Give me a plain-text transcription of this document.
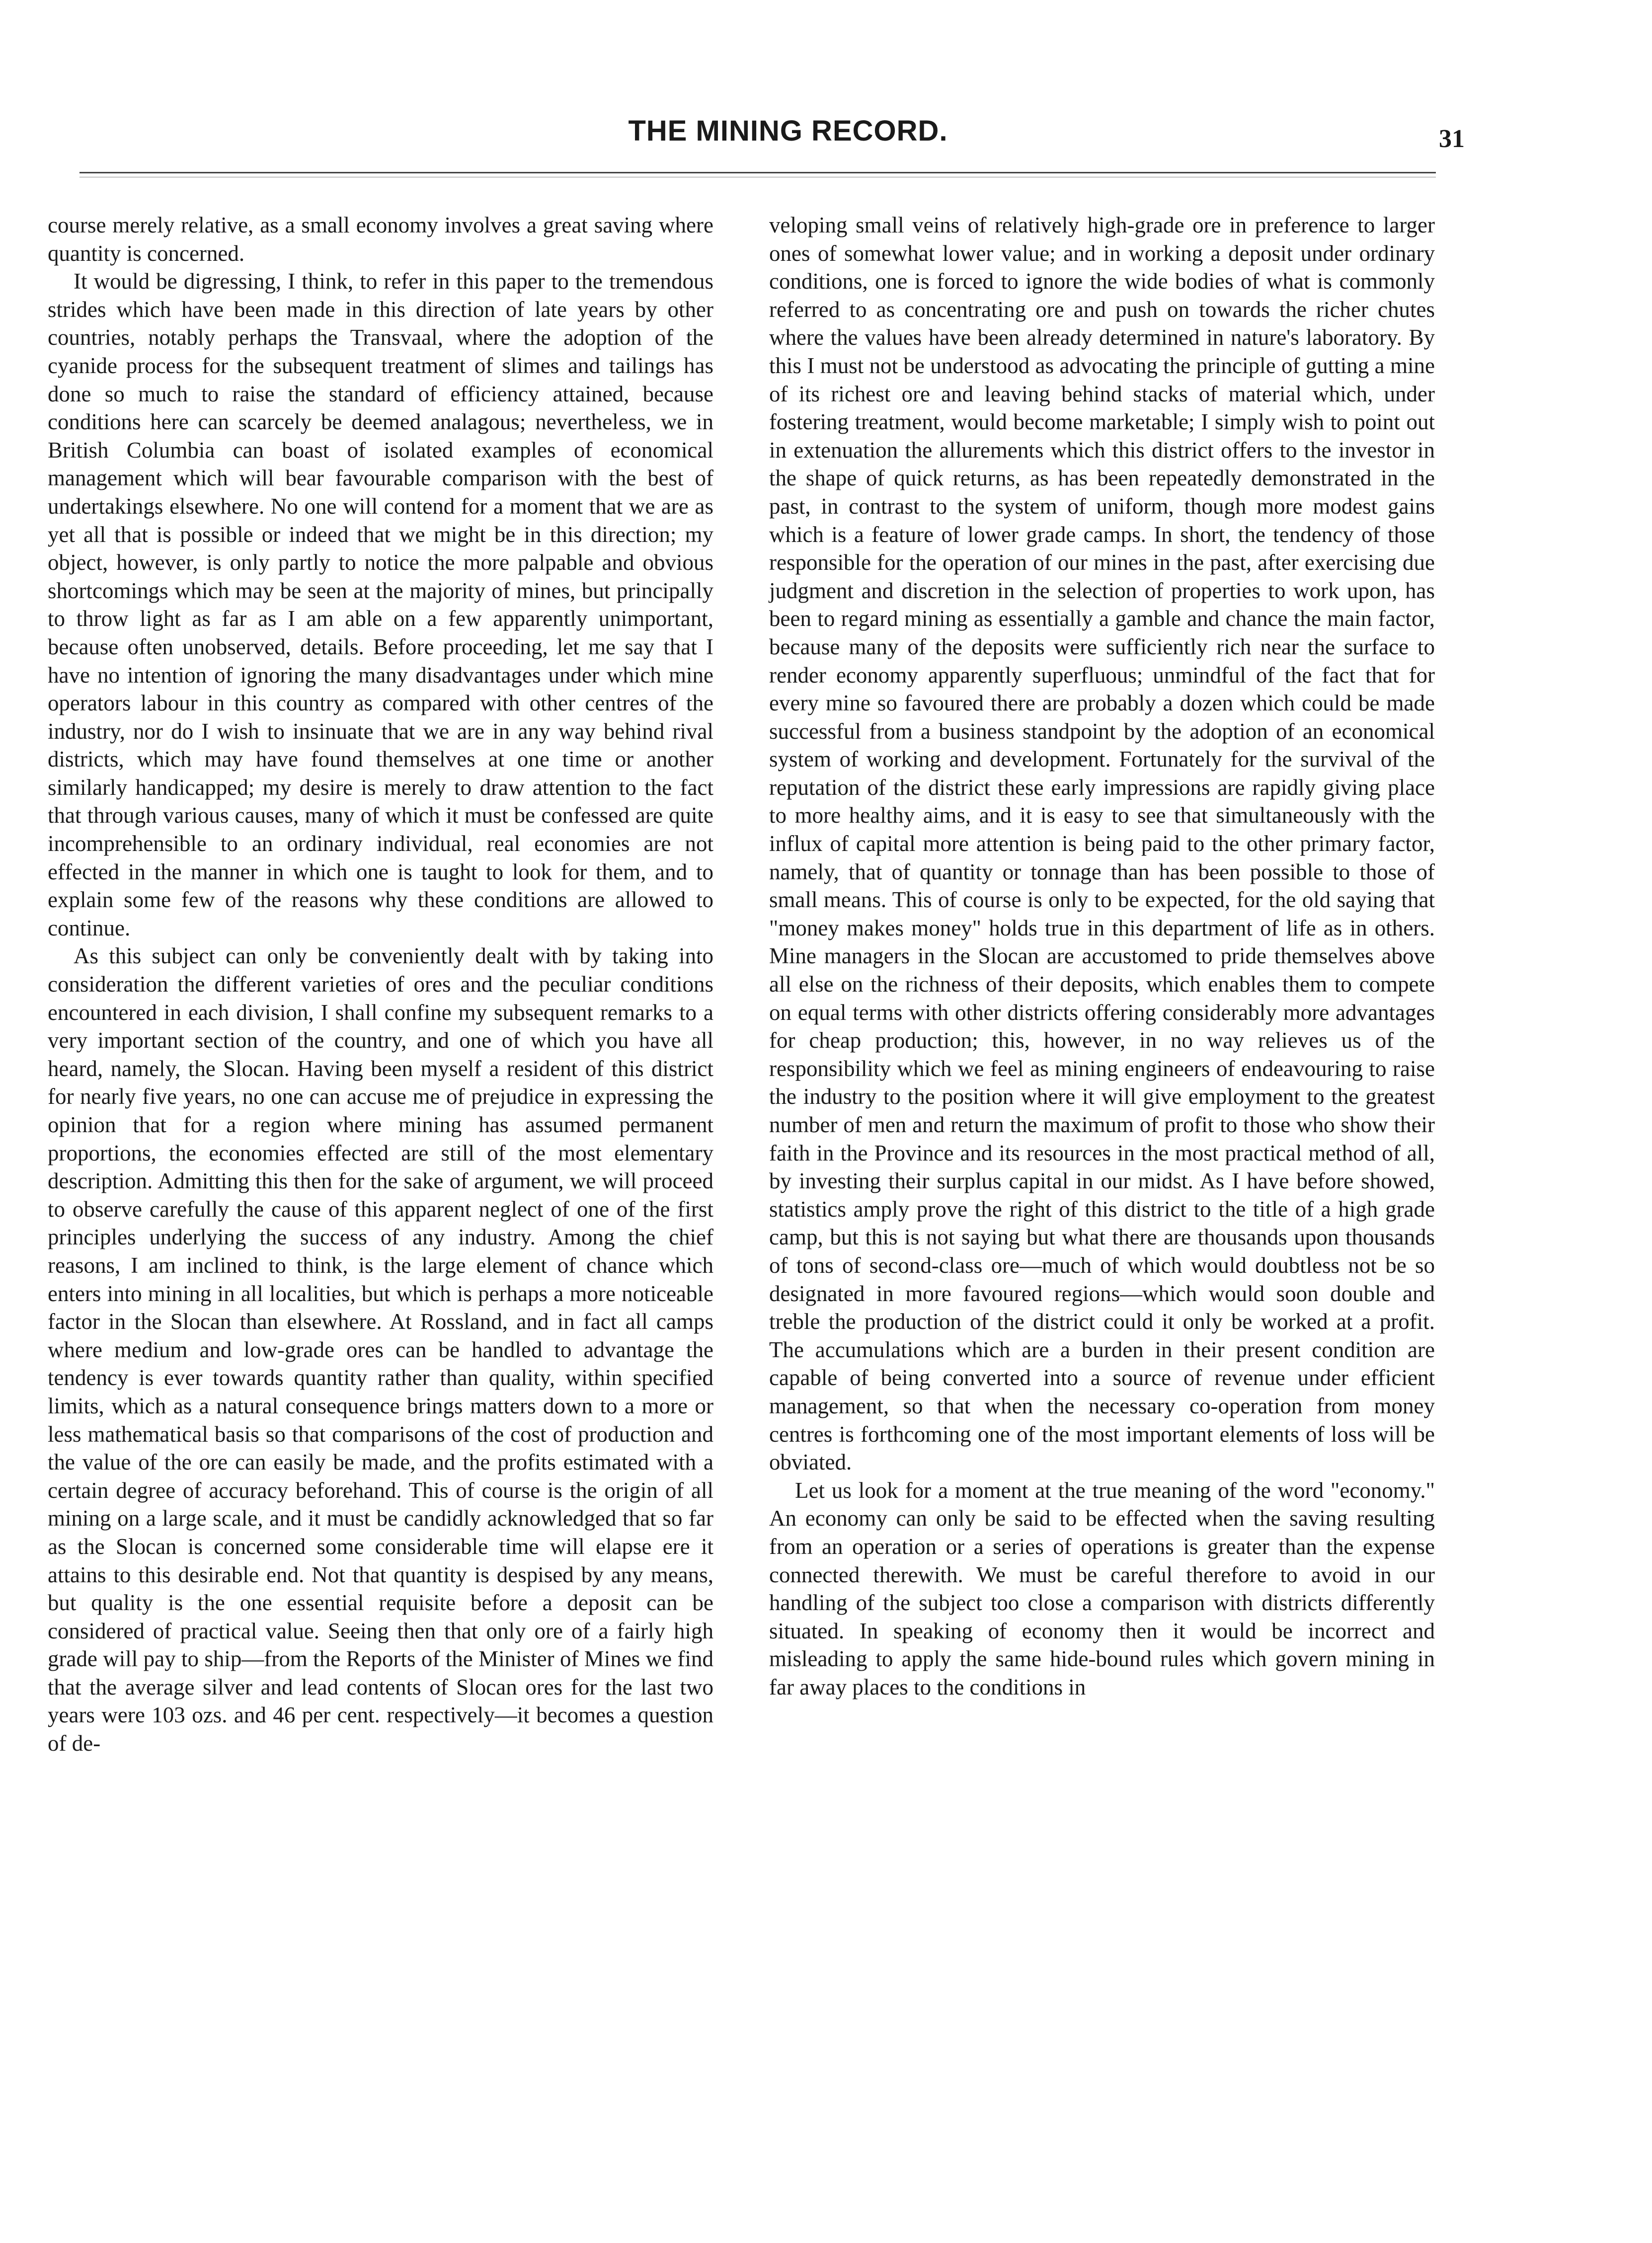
THE MINING RECORD.	31

course merely relative, as a small economy involves a great saving where quantity is concerned.

It would be digressing, I think, to refer in this paper to the tremendous strides which have been made in this direction of late years by other countries, notably perhaps the Transvaal, where the adoption of the cyanide process for the subsequent treatment of slimes and tailings has done so much to raise the standard of efficiency attained, because conditions here can scarcely be deemed analagous; nevertheless, we in British Columbia can boast of isolated examples of economical management which will bear favourable comparison with the best of undertakings elsewhere. No one will contend for a moment that we are as yet all that is possible or indeed that we might be in this direction; my object, however, is only partly to notice the more palpable and obvious shortcomings which may be seen at the majority of mines, but principally to throw light as far as I am able on a few apparently unimportant, because often unobserved, details. Before proceeding, let me say that I have no intention of ignoring the many disadvantages under which mine operators labour in this country as compared with other centres of the industry, nor do I wish to insinuate that we are in any way behind rival districts, which may have found themselves at one time or another similarly handicapped; my desire is merely to draw attention to the fact that through various causes, many of which it must be confessed are quite incomprehensible to an ordinary individual, real economies are not effected in the manner in which one is taught to look for them, and to explain some few of the reasons why these conditions are allowed to continue.

As this subject can only be conveniently dealt with by taking into consideration the different varieties of ores and the peculiar conditions encountered in each division, I shall confine my subsequent remarks to a very important section of the country, and one of which you have all heard, namely, the Slocan. Having been myself a resident of this district for nearly five years, no one can accuse me of prejudice in expressing the opinion that for a region where mining has assumed permanent proportions, the economies effected are still of the most elementary description. Admitting this then for the sake of argument, we will proceed to observe carefully the cause of this apparent neglect of one of the first principles underlying the success of any industry. Among the chief reasons, I am inclined to think, is the large element of chance which enters into mining in all localities, but which is perhaps a more noticeable factor in the Slocan than elsewhere. At Rossland, and in fact all camps where medium and low-grade ores can be handled to advantage the tendency is ever towards quantity rather than quality, within specified limits, which as a natural consequence brings matters down to a more or less mathematical basis so that comparisons of the cost of production and the value of the ore can easily be made, and the profits estimated with a certain degree of accuracy beforehand. This of course is the origin of all mining on a large scale, and it must be candidly acknowledged that so far as the Slocan is concerned some considerable time will elapse ere it attains to this desirable end. Not that quantity is despised by any means, but quality is the one essential requisite before a deposit can be considered of practical value. Seeing then that only ore of a fairly high grade will pay to ship—from the Reports of the Minister of Mines we find that the average silver and lead contents of Slocan ores for the last two years were 103 ozs. and 46 per cent. respectively—it becomes a question of de-

veloping small veins of relatively high-grade ore in preference to larger ones of somewhat lower value; and in working a deposit under ordinary conditions, one is forced to ignore the wide bodies of what is commonly referred to as concentrating ore and push on towards the richer chutes where the values have been already determined in nature's laboratory. By this I must not be understood as advocating the principle of gutting a mine of its richest ore and leaving behind stacks of material which, under fostering treatment, would become marketable; I simply wish to point out in extenuation the allurements which this district offers to the investor in the shape of quick returns, as has been repeatedly demonstrated in the past, in contrast to the system of uniform, though more modest gains which is a feature of lower grade camps. In short, the tendency of those responsible for the operation of our mines in the past, after exercising due judgment and discretion in the selection of properties to work upon, has been to regard mining as essentially a gamble and chance the main factor, because many of the deposits were sufficiently rich near the surface to render economy apparently superfluous; unmindful of the fact that for every mine so favoured there are probably a dozen which could be made successful from a business standpoint by the adoption of an economical system of working and development. Fortunately for the survival of the reputation of the district these early impressions are rapidly giving place to more healthy aims, and it is easy to see that simultaneously with the influx of capital more attention is being paid to the other primary factor, namely, that of quantity or tonnage than has been possible to those of small means. This of course is only to be expected, for the old saying that "money makes money" holds true in this department of life as in others. Mine managers in the Slocan are accustomed to pride themselves above all else on the richness of their deposits, which enables them to compete on equal terms with other districts offering considerably more advantages for cheap production; this, however, in no way relieves us of the responsibility which we feel as mining engineers of endeavouring to raise the industry to the position where it will give employment to the greatest number of men and return the maximum of profit to those who show their faith in the Province and its resources in the most practical method of all, by investing their surplus capital in our midst. As I have before showed, statistics amply prove the right of this district to the title of a high grade camp, but this is not saying but what there are thousands upon thousands of tons of second-class ore—much of which would doubtless not be so designated in more favoured regions—which would soon double and treble the production of the district could it only be worked at a profit. The accumulations which are a burden in their present condition are capable of being converted into a source of revenue under efficient management, so that when the necessary co-operation from money centres is forthcoming one of the most important elements of loss will be obviated.

Let us look for a moment at the true meaning of the word "economy." An economy can only be said to be effected when the saving resulting from an operation or a series of operations is greater than the expense connected therewith. We must be careful therefore to avoid in our handling of the subject too close a comparison with districts differently situated. In speaking of economy then it would be incorrect and misleading to apply the same hide-bound rules which govern mining in far away places to the conditions in
